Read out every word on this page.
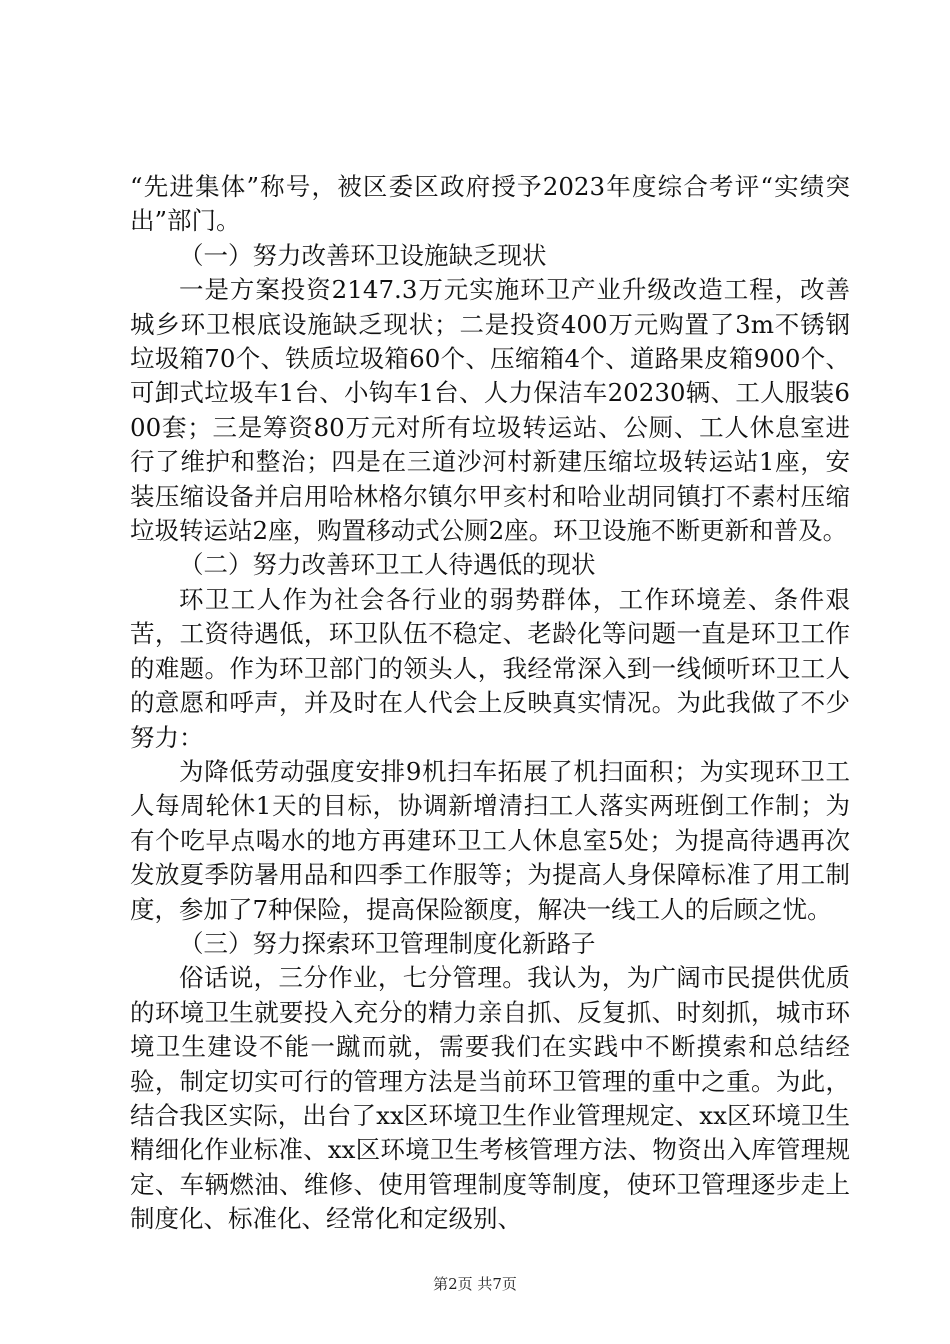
“先进集体”称号，被区委区政府授予2023年度综合考评“实绩突出”部门。

（一）努力改善环卫设施缺乏现状

一是方案投资2147.3万元实施环卫产业升级改造工程，改善城乡环卫根底设施缺乏现状；二是投资400万元购置了3m不锈钢垃圾箱70个、铁质垃圾箱60个、压缩箱4个、道路果皮箱900个、可卸式垃圾车1台、小钩车1台、人力保洁车20230辆、工人服装600套；三是筹资80万元对所有垃圾转运站、公厕、工人休息室进行了维护和整治；四是在三道沙河村新建压缩垃圾转运站1座，安装压缩设备并启用哈林格尔镇尔甲亥村和哈业胡同镇打不素村压缩垃圾转运站2座，购置移动式公厕2座。环卫设施不断更新和普及。

（二）努力改善环卫工人待遇低的现状

环卫工人作为社会各行业的弱势群体，工作环境差、条件艰苦，工资待遇低，环卫队伍不稳定、老龄化等问题一直是环卫工作的难题。作为环卫部门的领头人，我经常深入到一线倾听环卫工人的意愿和呼声，并及时在人代会上反映真实情况。为此我做了不少努力：

为降低劳动强度安排9机扫车拓展了机扫面积；为实现环卫工人每周轮休1天的目标，协调新增清扫工人落实两班倒工作制；为有个吃早点喝水的地方再建环卫工人休息室5处；为提高待遇再次发放夏季防暑用品和四季工作服等；为提高人身保障标准了用工制度，参加了7种保险，提高保险额度，解决一线工人的后顾之忧。

（三）努力探索环卫管理制度化新路子

俗话说，三分作业，七分管理。我认为，为广阔市民提供优质的环境卫生就要投入充分的精力亲自抓、反复抓、时刻抓，城市环境卫生建设不能一蹴而就，需要我们在实践中不断摸索和总结经验，制定切实可行的管理方法是当前环卫管理的重中之重。为此，结合我区实际，出台了xx区环境卫生作业管理规定、xx区环境卫生精细化作业标准、xx区环境卫生考核管理方法、物资出入库管理规定、车辆燃油、维修、使用管理制度等制度，使环卫管理逐步走上制度化、标准化、经常化和定级别、

第2页 共7页
